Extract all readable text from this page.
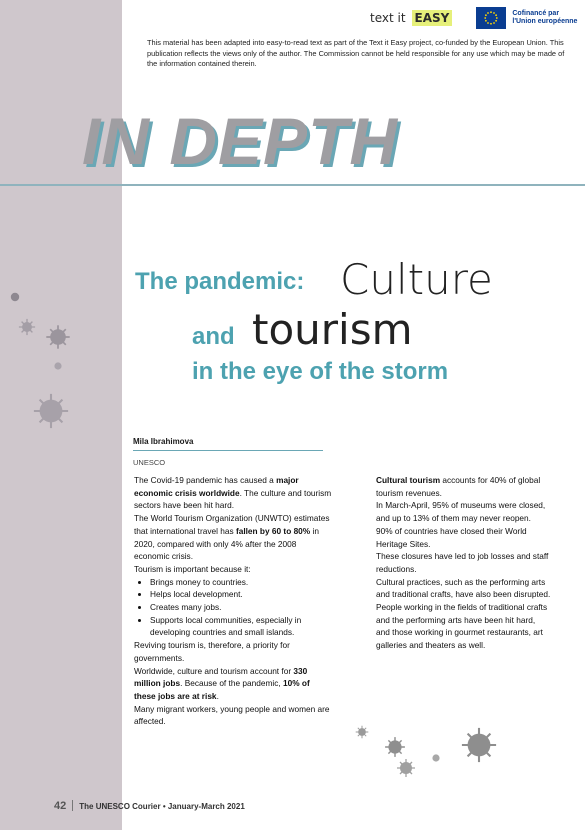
text it EASY	Cofinancé par
l'Union européenne
This material has been adapted into easy-to-read text as part of the Text it Easy project, co-funded by the European Union. This publication reflects the views only of the author. The Commission cannot be held responsible for any use which may be made of the information contained therein.
IN DEPTH
The pandemic: Culture
and tourism
in the eye of the storm
Mila Ibrahimova
UNESCO

The Covid-19 pandemic has caused a major economic crisis worldwide. The culture and tourism sectors have been hit hard.

The World Tourism Organization (UNWTO) estimates that international travel has fallen by 60 to 80% in 2020, compared with only 4% after the 2008 economic crisis.

Tourism is important because it:

• Brings money to countries.
• Helps local development.
• Creates many jobs.
• Supports local communities, especially in developing countries and small islands.

Reviving tourism is, therefore, a priority for governments.

Worldwide, culture and tourism account for 330 million jobs. Because of the pandemic, 10% of these jobs are at risk.

Many migrant workers, young people and women are affected.

Cultural tourism accounts for 40% of global tourism revenues.

In March-April, 95% of museums were closed, and up to 13% of them may never reopen.

90% of countries have closed their World Heritage Sites.

These closures have led to job losses and staff reductions.

Cultural practices, such as the performing arts and traditional crafts, have also been disrupted.

People working in the fields of traditional crafts and the performing arts have been hit hard, and those working in gourmet restaurants, art galleries and theaters as well.

42 The UNESCO Courier • January-March 2021
